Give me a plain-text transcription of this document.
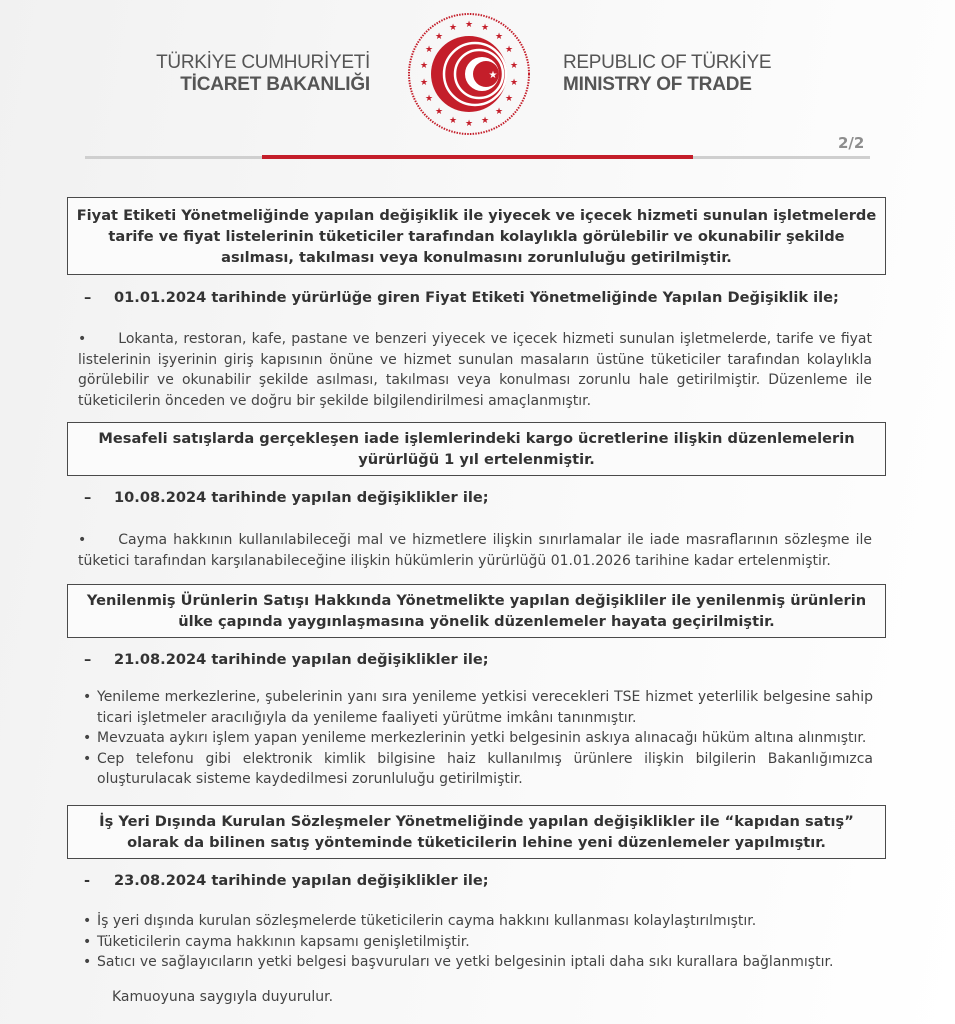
TÜRKİYE CUMHURİYETİ
TİCARET BAKANLIĞI
★ ★
★
★
★
★
★
★
★
★
★
★
★
★
★
★
★ ★
★
REPUBLIC OF TÜRKİYE
MINISTRY OF TRADE
2/2
Fiyat Etiketi Yönetmeliğinde yapılan değişiklik ile yiyecek ve içecek hizmeti sunulan işletmelerde tarife ve fiyat listelerinin tüketiciler tarafından kolaylıkla görülebilir ve okunabilir şekilde asılması, takılması veya konulmasını zorunluluğu getirilmiştir.
– 01.01.2024 tarihinde yürürlüğe giren Fiyat Etiketi Yönetmeliğinde Yapılan Değişiklik ile;
• Lokanta, restoran, kafe, pastane ve benzeri yiyecek ve içecek hizmeti sunulan işletmelerde, tarife ve fiyat listelerinin işyerinin giriş kapısının önüne ve hizmet sunulan masaların üstüne tüketiciler tarafından kolaylıkla görülebilir ve okunabilir şekilde asılması, takılması veya konulması zorunlu hale getirilmiştir. Düzenleme ile tüketicilerin önceden ve doğru bir şekilde bilgilendirilmesi amaçlanmıştır.
Mesafeli satışlarda gerçekleşen iade işlemlerindeki kargo ücretlerine ilişkin düzenlemelerin yürürlüğü 1 yıl ertelenmiştir.
– 10.08.2024 tarihinde yapılan değişiklikler ile;
• Cayma hakkının kullanılabileceği mal ve hizmetlere ilişkin sınırlamalar ile iade masraflarının sözleşme ile tüketici tarafından karşılanabileceğine ilişkin hükümlerin yürürlüğü 01.01.2026 tarihine kadar ertelenmiştir.
Yenilenmiş Ürünlerin Satışı Hakkında Yönetmelikte yapılan değişikliler ile yenilenmiş ürünlerin ülke çapında yaygınlaşmasına yönelik düzenlemeler hayata geçirilmiştir.
– 21.08.2024 tarihinde yapılan değişiklikler ile;
• Yenileme merkezlerine, şubelerinin yanı sıra yenileme yetkisi verecekleri TSE hizmet yeterlilik belgesine sahip ticari işletmeler aracılığıyla da yenileme faaliyeti yürütme imkânı tanınmıştır.
• Mevzuata aykırı işlem yapan yenileme merkezlerinin yetki belgesinin askıya alınacağı hüküm altına alınmıştır.
• Cep telefonu gibi elektronik kimlik bilgisine haiz kullanılmış ürünlere ilişkin bilgilerin Bakanlığımızca oluşturulacak sisteme kaydedilmesi zorunluluğu getirilmiştir.
İş Yeri Dışında Kurulan Sözleşmeler Yönetmeliğinde yapılan değişiklikler ile “kapıdan satış” olarak da bilinen satış yönteminde tüketicilerin lehine yeni düzenlemeler yapılmıştır.
- 23.08.2024 tarihinde yapılan değişiklikler ile;
• İş yeri dışında kurulan sözleşmelerde tüketicilerin cayma hakkını kullanması kolaylaştırılmıştır.
• Tüketicilerin cayma hakkının kapsamı genişletilmiştir.
• Satıcı ve sağlayıcıların yetki belgesi başvuruları ve yetki belgesinin iptali daha sıkı kurallara bağlanmıştır.
Kamuoyuna saygıyla duyurulur.
